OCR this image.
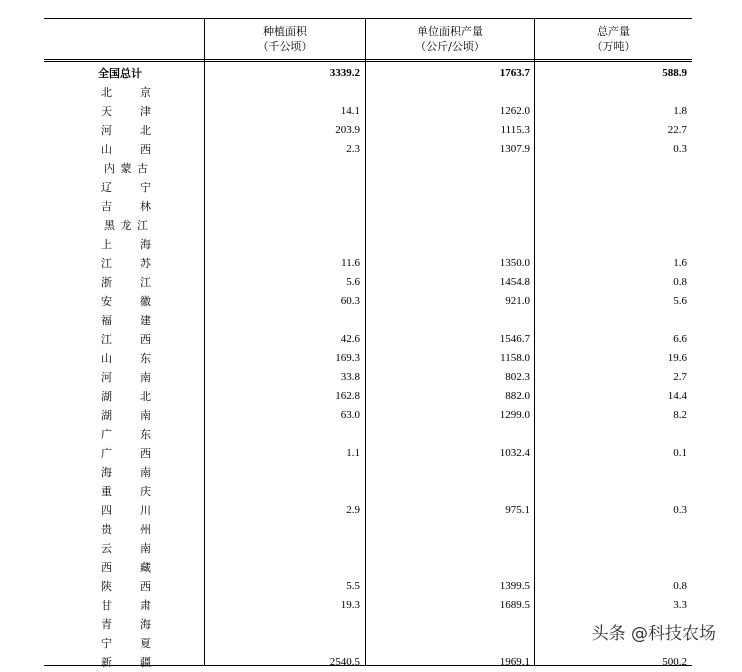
种植面积
（千公顷）
单位面积产量
（公斤/公顷）
总产量
（万吨）
全国总计	3339.2	1763.7	588.9
北	京
天	津	14.1	1262.0	1.8
河	北	203.9	1115.3	22.7
山	西	2.3	1307.9	0.3
内 蒙 古
辽	宁
吉	林
黑 龙 江
上	海
江	苏	11.6	1350.0	1.6
浙	江	5.6	1454.8	0.8
安	徽	60.3	921.0	5.6
福	建
江	西	42.6	1546.7	6.6
山	东	169.3	1158.0	19.6
河	南	33.8	802.3	2.7
湖	北	162.8	882.0	14.4
湖	南	63.0	1299.0	8.2
广	东
广	西	1.1	1032.4	0.1
海	南
重	庆
四	川	2.9	975.1	0.3
贵	州
云	南
西	藏
陕	西	5.5	1399.5	0.8
甘	肃	19.3	1689.5	3.3
青	海
宁	夏
新	疆	2540.5	1969.1	500.2
头条 @科技农场
